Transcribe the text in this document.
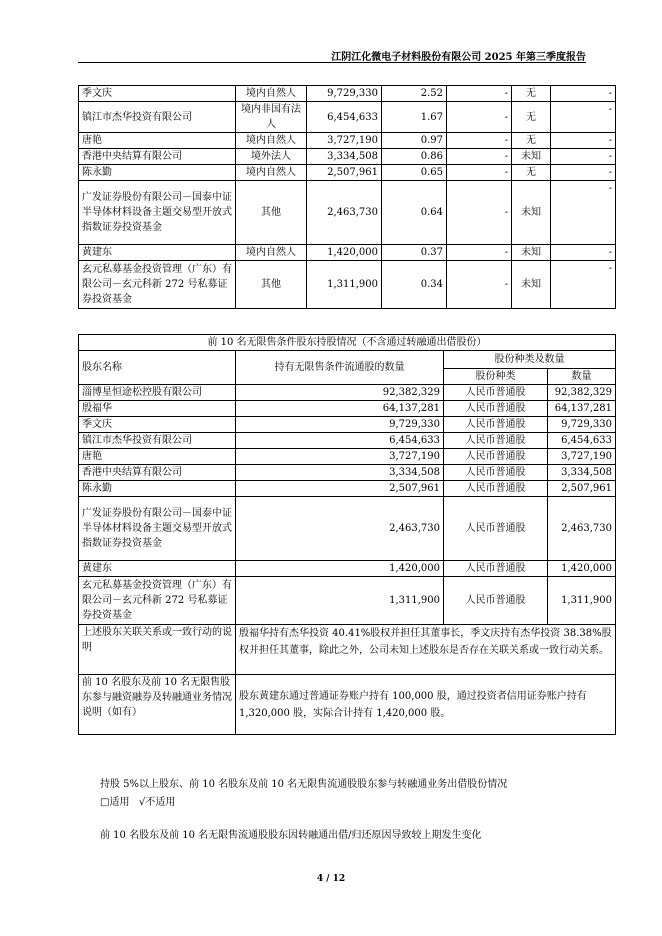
江阴江化微电子材料股份有限公司 2025 年第三季度报告
季文庆	境内自然人	9,729,330	2.52	-	无	-
镇江市杰华投资有限公司	境内非国有法人	6,454,633	1.67	-	无	-
唐艳	境内自然人	3,727,190	0.97	-	无	-
香港中央结算有限公司	境外法人	3,334,508	0.86	-	未知	-
陈永勤	境内自然人	2,507,961	0.65	-	无	-
广发证券股份有限公司－国泰中证半导体材料设备主题交易型开放式指数证券投资基金	其他	2,463,730	0.64	-	未知	-
黄建东	境内自然人	1,420,000	0.37	-	未知	-
玄元私募基金投资管理（广东）有限公司－玄元科新 272 号私募证券投资基金	其他	1,311,900	0.34	-	未知	-
前 10 名无限售条件股东持股情况（不含通过转融通出借股份）			
股东名称	持有无限售条件流通股的数量	股份种类及数量	
		股份种类	数量
淄博星恒途松控股有限公司	92,382,329	人民币普通股	92,382,329
殷福华	64,137,281	人民币普通股	64,137,281
季文庆	9,729,330	人民币普通股	9,729,330
镇江市杰华投资有限公司	6,454,633	人民币普通股	6,454,633
唐艳	3,727,190	人民币普通股	3,727,190
香港中央结算有限公司	3,334,508	人民币普通股	3,334,508
陈永勤	2,507,961	人民币普通股	2,507,961
广发证券股份有限公司－国泰中证半导体材料设备主题交易型开放式指数证券投资基金	2,463,730	人民币普通股	2,463,730
黄建东	1,420,000	人民币普通股	1,420,000
玄元私募基金投资管理（广东）有限公司－玄元科新 272 号私募证券投资基金	1,311,900	人民币普通股	1,311,900
上述股东关联关系或一致行动的说明	殷福华持有杰华投资 40.41%股权并担任其董事长，季文庆持有杰华投资 38.38%股权并担任其董事，除此之外，公司未知上述股东是否存在关联关系或一致行动关系。		
前 10 名股东及前 10 名无限售股东参与融资融券及转融通业务情况说明（如有）	股东黄建东通过普通证券账户持有 100,000 股，通过投资者信用证券账户持有 1,320,000 股，实际合计持有 1,420,000 股。		
持股 5%以上股东、前 10 名股东及前 10 名无限售流通股股东参与转融通业务出借股份情况
□适用 √不适用
前 10 名股东及前 10 名无限售流通股股东因转融通出借/归还原因导致较上期发生变化
4 / 12
